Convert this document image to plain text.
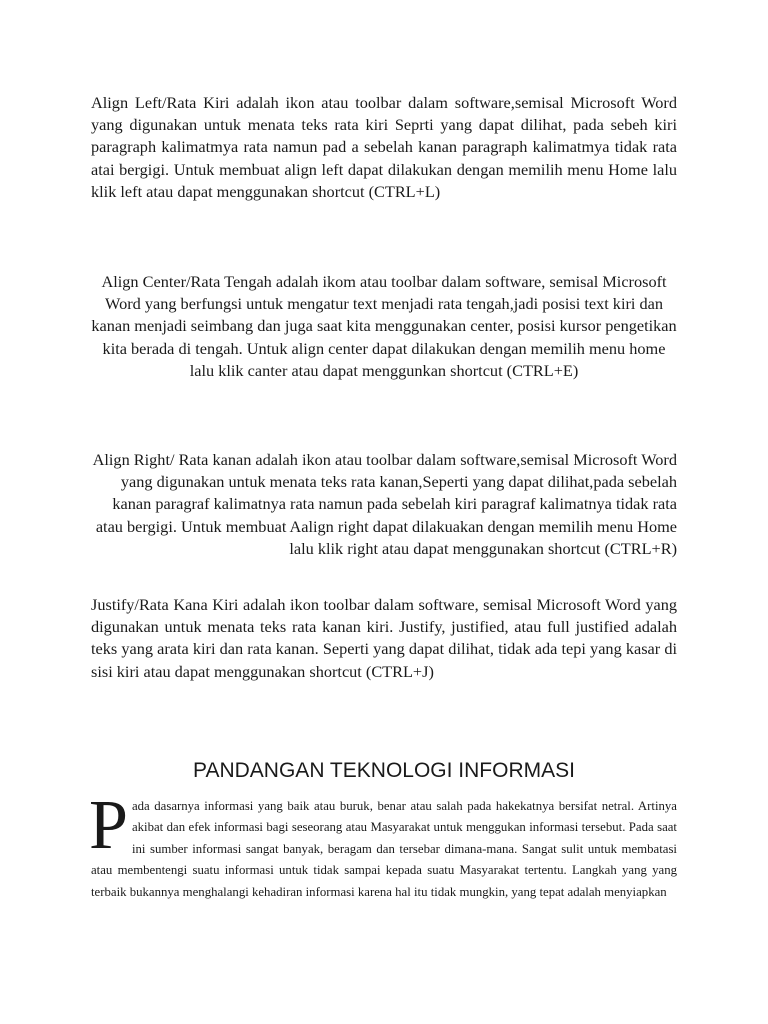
Align Left/Rata Kiri adalah ikon atau toolbar dalam software,semisal Microsoft Word yang digunakan untuk menata teks rata kiri Seprti yang dapat dilihat, pada sebeh kiri paragraph kalimatmya rata namun pad a sebelah kanan paragraph kalimatmya tidak rata atai bergigi. Untuk membuat align left dapat dilakukan dengan memilih menu Home lalu klik left atau dapat menggunakan shortcut (CTRL+L)

Align Center/Rata Tengah adalah ikom atau toolbar dalam software, semisal Microsoft Word yang berfungsi untuk mengatur text menjadi rata tengah,jadi posisi text kiri dan kanan menjadi seimbang dan juga saat kita menggunakan center, posisi kursor pengetikan kita berada di tengah. Untuk align center dapat dilakukan dengan memilih menu home lalu klik canter atau dapat menggunkan shortcut (CTRL+E)

Align Right/ Rata kanan adalah ikon atau toolbar dalam software,semisal Microsoft Word yang digunakan untuk menata teks rata kanan,Seperti yang dapat dilihat,pada sebelah kanan paragraf kalimatnya rata namun pada sebelah kiri paragraf kalimatnya tidak rata atau bergigi. Untuk membuat Aalign right dapat dilakuakan dengan memilih menu Home lalu klik right atau dapat menggunakan shortcut (CTRL+R)

Justify/Rata Kana Kiri adalah ikon toolbar dalam software, semisal Microsoft Word yang digunakan untuk menata teks rata kanan kiri. Justify, justified, atau full justified adalah teks yang arata kiri dan rata kanan. Seperti yang dapat dilihat, tidak ada tepi yang kasar di sisi kiri atau dapat menggunakan shortcut (CTRL+J)

PANDANGAN TEKNOLOGI INFORMASI

P ada dasarnya informasi yang baik atau buruk, benar atau salah pada hakekatnya bersifat netral. Artinya akibat dan efek informasi bagi seseorang atau Masyarakat untuk menggukan informasi tersebut. Pada saat ini sumber informasi sangat banyak, beragam dan tersebar dimana-mana. Sangat sulit untuk membatasi atau membentengi suatu informasi untuk tidak sampai kepada suatu Masyarakat tertentu. Langkah yang yang terbaik bukannya menghalangi kehadiran informasi karena hal itu tidak mungkin, yang tepat adalah menyiapkan
